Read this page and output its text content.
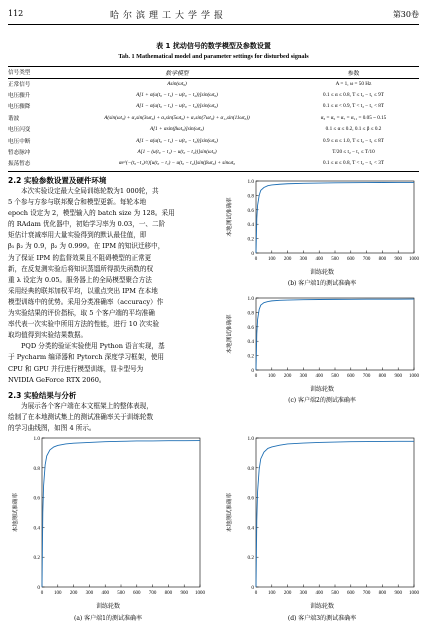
112	哈尔滨理工大学学报	第30卷
表 1 扰动信号的数学模型及参数设置
Tab. 1 Mathematical model and parameter settings for disturbed signals
信号类型	数学模型	参数
正常信号	Asin(ωt₀)	A = 1, ω = 50 Hz
电压骤升	A[1 + α(u(t₀ − t₁) − u(t₀ − t₂))]sin(ωt₀)	0.1 ≤ α ≤ 0.8, T ≤ t₂ − t₁ ≤ 9T
电压骤降	A[1 − α(u(t₀ − t₁) − u(t₀ − t₂))]sin(ωt₀)	0.1 ≤ α < 0.9, T < t₂ − t₁ < 8T
谐波	A(sin(ωt₀) + α₃sin(3ωt₀) + α₅sin(5ωt₀) + α₇sin(7ωt₀) + α₁₁sin(11ωt₀))	α₃ = α₅ = α₇ = α₁₁ = 0.05 ~ 0.15
电压闪变	A[1 + αsin(βωt₀)]sin(ωt₀)	0.1 ≤ α ≤ 0.2, 0.1 ≤ β ≤ 0.2
电压中断	A[1 − α(u(t₀ − t₁) − u(t₀ − t₂))]sin(ωt₀)	0.9 ≤ α ≤ 1.0, T ≤ t₂ − t₁ ≤ 8T
暂态脉冲	A[1 − (u(t₀ − t₁) − u(t₀ − t₂))]sin(ωt₀)	T/20 ≤ t₂ − t₁ ≤ T/10
振荡暂态	αe^(−(t₀−t₁)/τ)[u(t₀ − t₁) − u(t₀ − t₂)]sin(βωt₀) + sinωt₀	0.1 ≤ α ≤ 0.8, T < t₂ − t₁ < 3T
2.2 实验参数设置及硬件环境
本次实验设定最大全局训练轮数为1 000轮，共
5 个参与方参与联邦聚合和模型更新。每轮本地
epoch 设定为 2，模型输入的 batch size 为 128。采用
的 RAdam 优化器中，初始学习率为 0.03，一、二阶
矩估计衰减率用大量实验得到的默认最佳值，即
β₁ β₂ 为 0.9，β₂ 为 0.999。在 IPM 的知识迁移中，
为了保证 IPM 的监督效果且不阻碍模型的正常更
新，在反复测实验后将知识蒸馏所得损失函数的权
重 λ 设定为 0.05。服务器上的全局模型聚合方法
采用经典的联邦加权平均，以重点突出 IPM 在本地
模型训练中的优势。采用分类准确率（accuracy）作
为实验结果的评价指标，取 5 个客户端的平均准确
率代表一次实验中所用方法的性能，进行 10 次实验
取均值得到实验结果数据。
PQD 分类的验证实验使用 Python 语言实现，基
于 Pycharm 编译器和 Pytorch 深度学习框架，使用
CPU 和 GPU 并行进行模型训练，显卡型号为
NVIDIA GeForce RTX 2060。
2.3 实验结果与分析
为展示各个客户端在本文框架上的整体表现，
绘制了在本地测试集上的测试准确率关于训练轮数
的学习曲线图，如图 4 所示。
0
0.2
0.4
0.6
0.8
1.0
0 100 200 300 400 500 600 700 800 900 1000
本地测试准确率
训练轮数
(b) 客户端1的测试准确率
0
0.2
0.4
0.6
0.8
1.0
0 100 200 300 400 500 600 700 800 900 1000
本地测试准确率
训练轮数
(c) 客户端2的测试准确率
0
0.2
0.4
0.6
0.8
1.0
0 100 200 300 400 500 600 700 800 900 1000
本地测试准确率
训练轮数
(a) 客户端1的测试准确率
0
0.2
0.4
0.6
0.8
1.0
0 100 200 300 400 500 600 700 800 900 1000
本地测试准确率
训练轮数
(d) 客户端3的测试准确率
